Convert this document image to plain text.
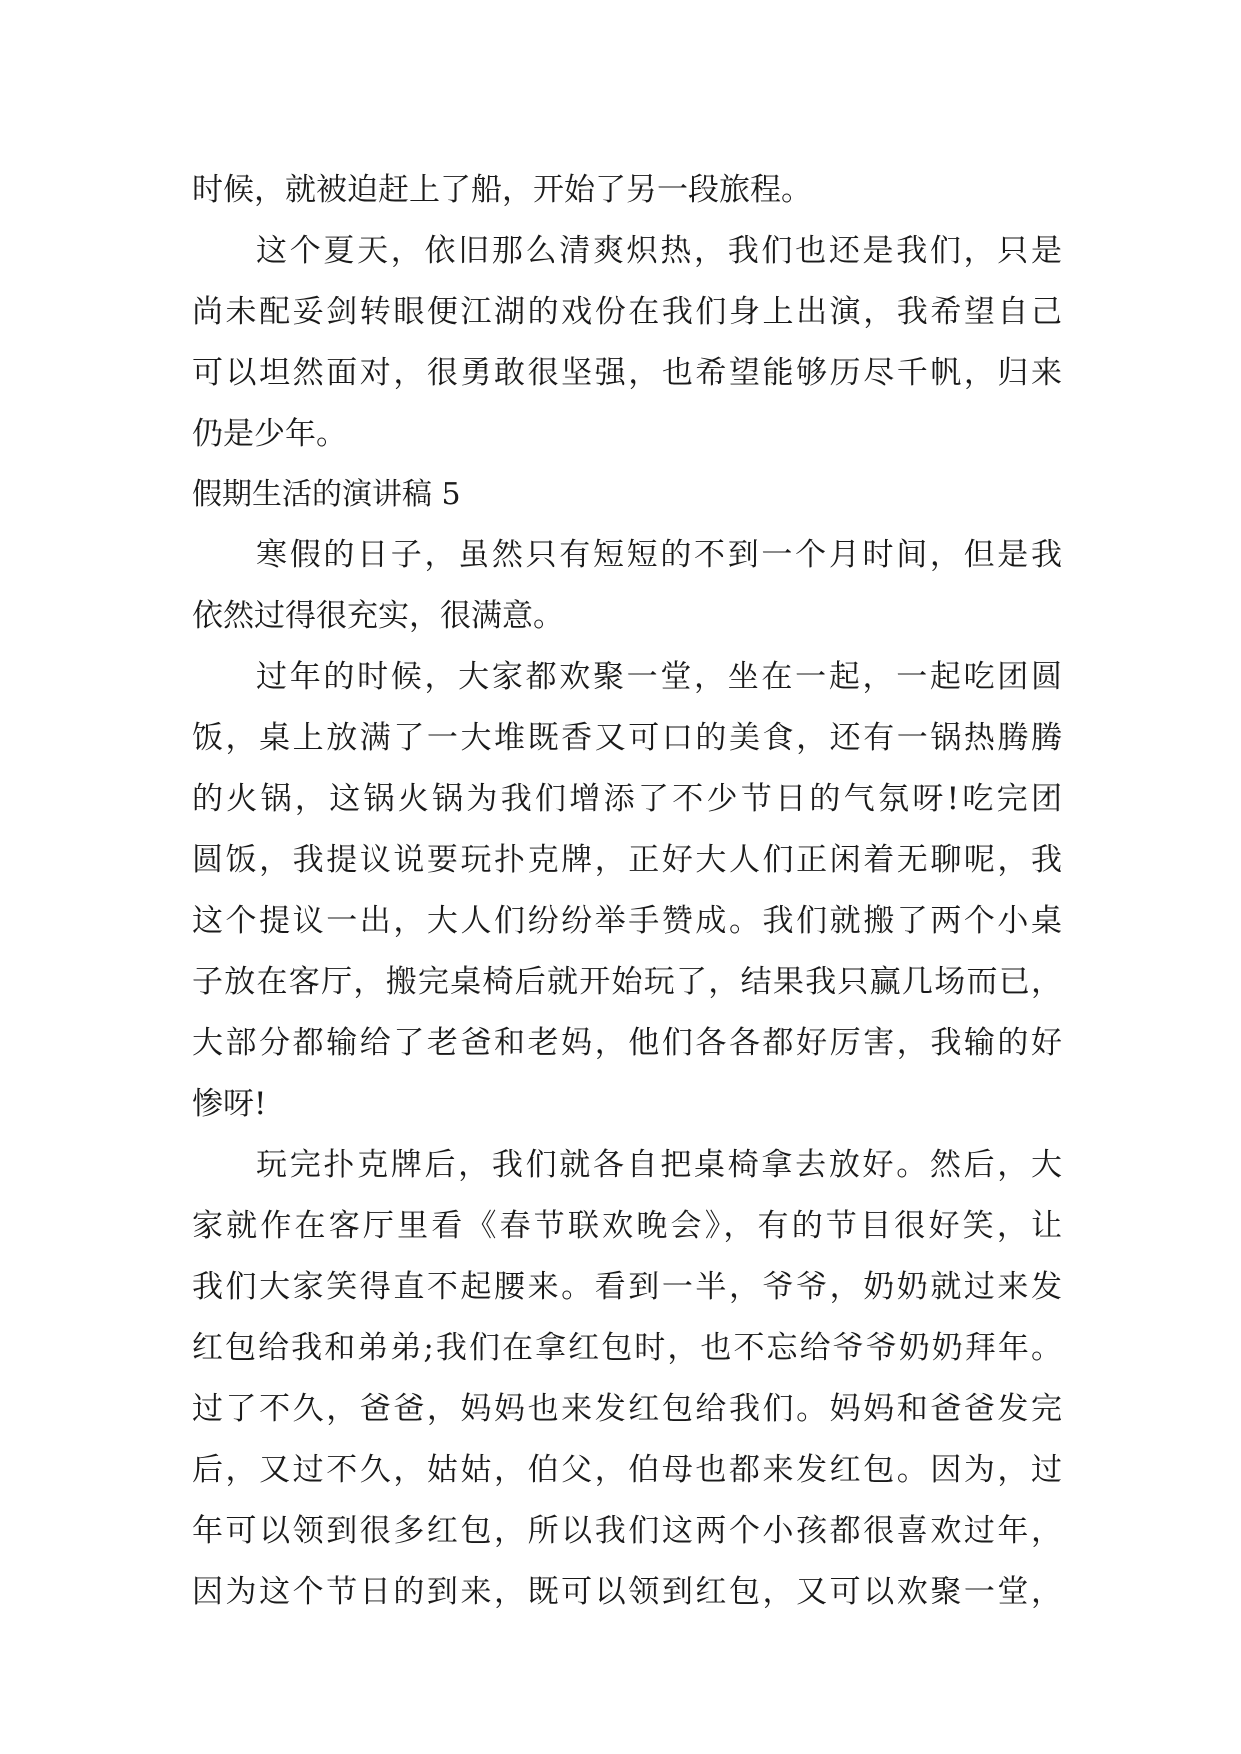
时候，就被迫赶上了船，开始了另一段旅程。
这个夏天，依旧那么清爽炽热，我们也还是我们，只是
尚未配妥剑转眼便江湖的戏份在我们身上出演，我希望自己
可以坦然面对，很勇敢很坚强，也希望能够历尽千帆，归来
仍是少年。
假期生活的演讲稿 5
寒假的日子，虽然只有短短的不到一个月时间，但是我
依然过得很充实，很满意。
过年的时候，大家都欢聚一堂，坐在一起，一起吃团圆
饭，桌上放满了一大堆既香又可口的美食，还有一锅热腾腾
的火锅，这锅火锅为我们增添了不少节日的气氛呀!吃完团
圆饭，我提议说要玩扑克牌，正好大人们正闲着无聊呢，我
这个提议一出，大人们纷纷举手赞成。我们就搬了两个小桌
子放在客厅，搬完桌椅后就开始玩了，结果我只赢几场而已，
大部分都输给了老爸和老妈，他们各各都好厉害，我输的好
惨呀!
玩完扑克牌后，我们就各自把桌椅拿去放好。然后，大
家就作在客厅里看《春节联欢晚会》，有的节目很好笑，让
我们大家笑得直不起腰来。看到一半，爷爷，奶奶就过来发
红包给我和弟弟;我们在拿红包时，也不忘给爷爷奶奶拜年。
过了不久，爸爸，妈妈也来发红包给我们。妈妈和爸爸发完
后，又过不久，姑姑，伯父，伯母也都来发红包。因为，过
年可以领到很多红包，所以我们这两个小孩都很喜欢过年，
因为这个节日的到来，既可以领到红包，又可以欢聚一堂，
